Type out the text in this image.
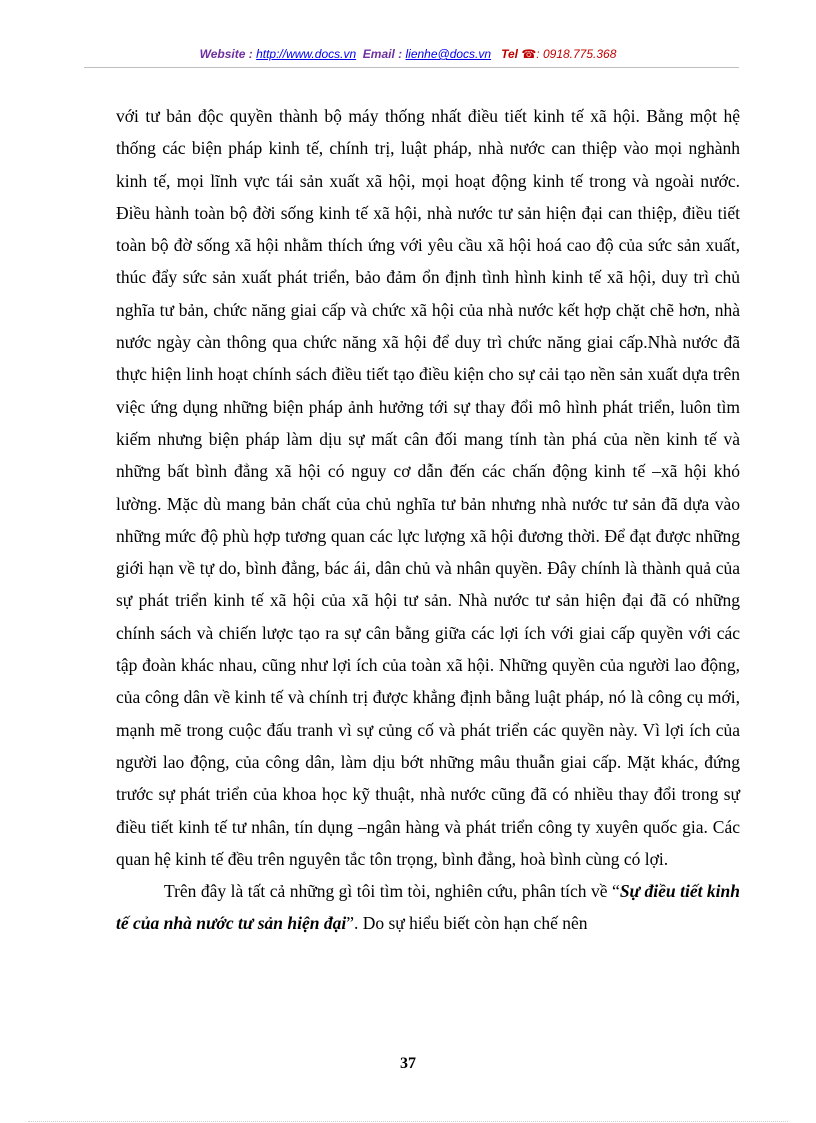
Website : http://www.docs.vn Email : lienhe@docs.vn Tel ☎: 0918.775.368

với tư bản độc quyền thành bộ máy thống nhất điều tiết kinh tế xã hội. Bằng một hệ thống các biện pháp kinh tế, chính trị, luật pháp, nhà nước can thiệp vào mọi nghành kinh tế, mọi lĩnh vực tái sản xuất xã hội, mọi hoạt động kinh tế trong và ngoài nước. Điều hành toàn bộ đời sống kinh tế xã hội, nhà nước tư sản hiện đại can thiệp, điều tiết toàn bộ đờ sống xã hội nhằm thích ứng với yêu cầu xã hội hoá cao độ của sức sản xuất, thúc đẩy sức sản xuất phát triển, bảo đảm ổn định tình hình kinh tế xã hội, duy trì chủ nghĩa tư bản, chức năng giai cấp và chức xã hội của nhà nước kết hợp chặt chẽ hơn, nhà nước ngày càn thông qua chức năng xã hội để duy trì chức năng giai cấp.Nhà nước đã thực hiện linh hoạt chính sách điều tiết tạo điều kiện cho sự cải tạo nền sản xuất dựa trên việc ứng dụng những biện pháp ảnh hưởng tới sự thay đổi mô hình phát triển, luôn tìm kiếm nhưng biện pháp làm dịu sự mất cân đối mang tính tàn phá của nền kinh tế và những bất bình đẳng xã hội có nguy cơ dẫn đến các chấn động kinh tế –xã hội khó lường. Mặc dù mang bản chất của chủ nghĩa tư bản nhưng nhà nước tư sản đã dựa vào những mức độ phù hợp tương quan các lực lượng xã hội đương thời. Để đạt được những giới hạn về tự do, bình đẳng, bác ái, dân chủ và nhân quyền. Đây chính là thành quả của sự phát triển kinh tế xã hội của xã hội tư sản. Nhà nước tư sản hiện đại đã có những chính sách và chiến lược tạo ra sự cân bằng giữa các lợi ích với giai cấp quyền với các tập đoàn khác nhau, cũng như lợi ích của toàn xã hội. Những quyền của người lao động, của công dân về kinh tế và chính trị được khẳng định bằng luật pháp, nó là công cụ mới, mạnh mẽ trong cuộc đấu tranh vì sự củng cố và phát triển các quyền này. Vì lợi ích của người lao động, của công dân, làm dịu bớt những mâu thuẫn giai cấp. Mặt khác, đứng trước sự phát triển của khoa học kỹ thuật, nhà nước cũng đã có nhiều thay đổi trong sự điều tiết kinh tế tư nhân, tín dụng –ngân hàng và phát triển công ty xuyên quốc gia. Các quan hệ kinh tế đều trên nguyên tắc tôn trọng, bình đẳng, hoà bình cùng có lợi.

Trên đây là tất cả những gì tôi tìm tòi, nghiên cứu, phân tích về “Sự điều tiết kinh tế của nhà nước tư sản hiện đại”. Do sự hiểu biết còn hạn chế nên

37
